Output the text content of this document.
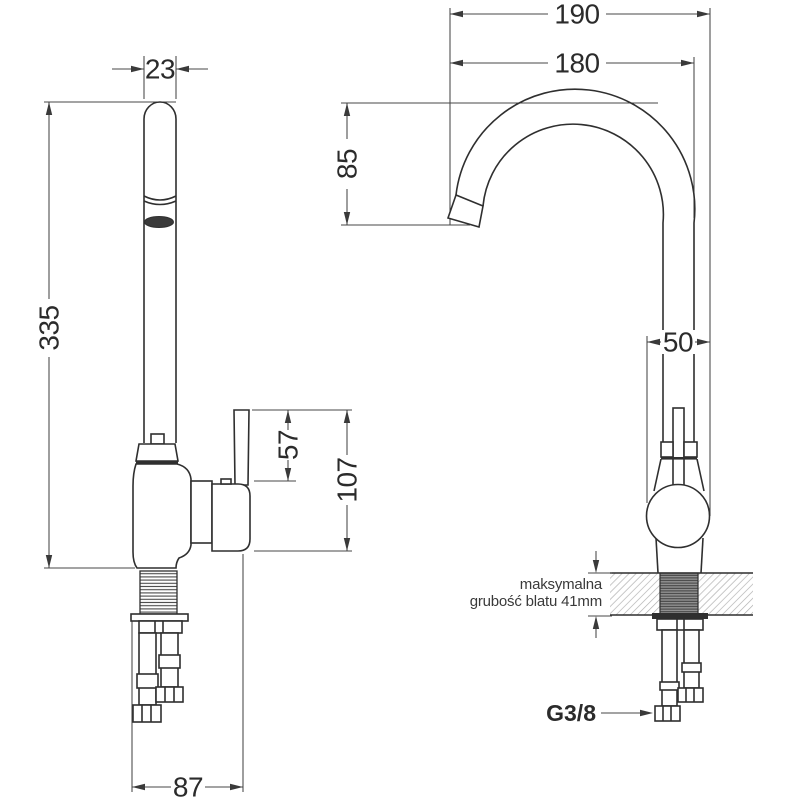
23
335
57
107
87
190
180
85
50
maksymalna
grubość blatu 41mm
G3/8
